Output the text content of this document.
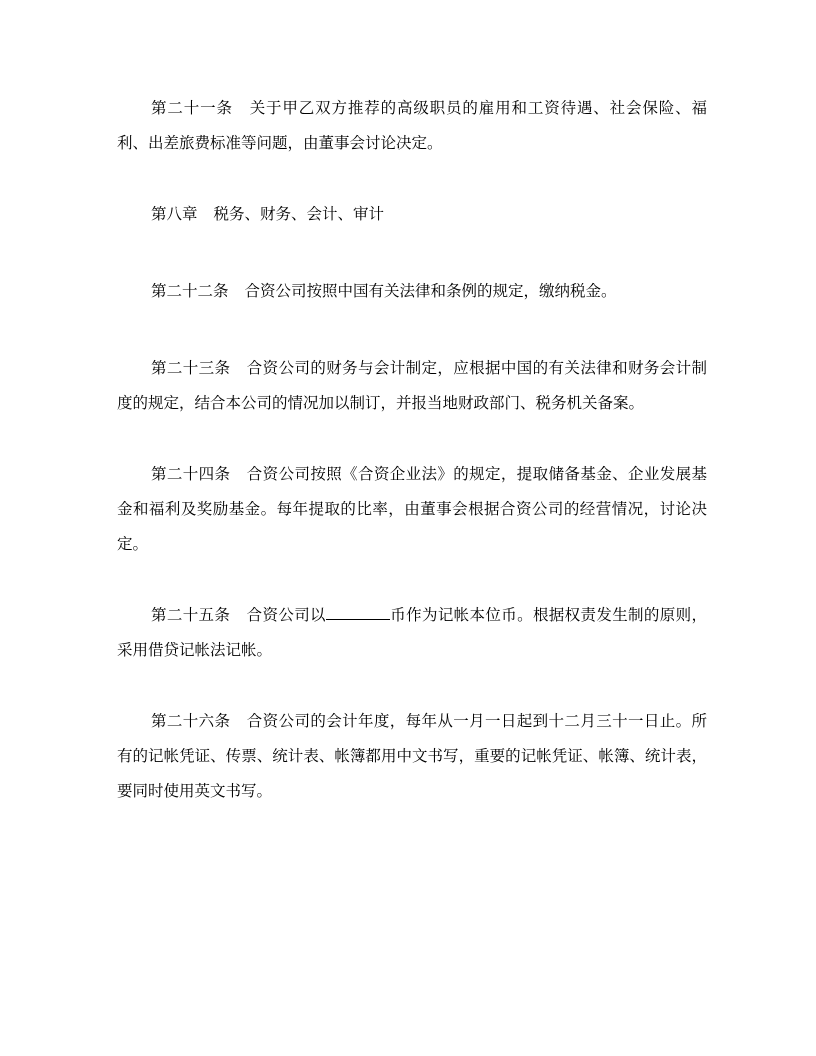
第二十一条 关于甲乙双方推荐的高级职员的雇用和工资待遇、社会保险、福利、出差旅费标准等问题，由董事会讨论决定。

第八章 税务、财务、会计、审计

第二十二条 合资公司按照中国有关法律和条例的规定，缴纳税金。

第二十三条 合资公司的财务与会计制定，应根据中国的有关法律和财务会计制度的规定，结合本公司的情况加以制订，并报当地财政部门、税务机关备案。

第二十四条 合资公司按照《合资企业法》的规定，提取储备基金、企业发展基金和福利及奖励基金。每年提取的比率，由董事会根据合资公司的经营情况，讨论决定。

第二十五条 合资公司以	币作为记帐本位币。根据权责发生制的原则，采用借贷记帐法记帐。

第二十六条 合资公司的会计年度，每年从一月一日起到十二月三十一日止。所有的记帐凭证、传票、统计表、帐簿都用中文书写，重要的记帐凭证、帐簿、统计表，要同时使用英文书写。
